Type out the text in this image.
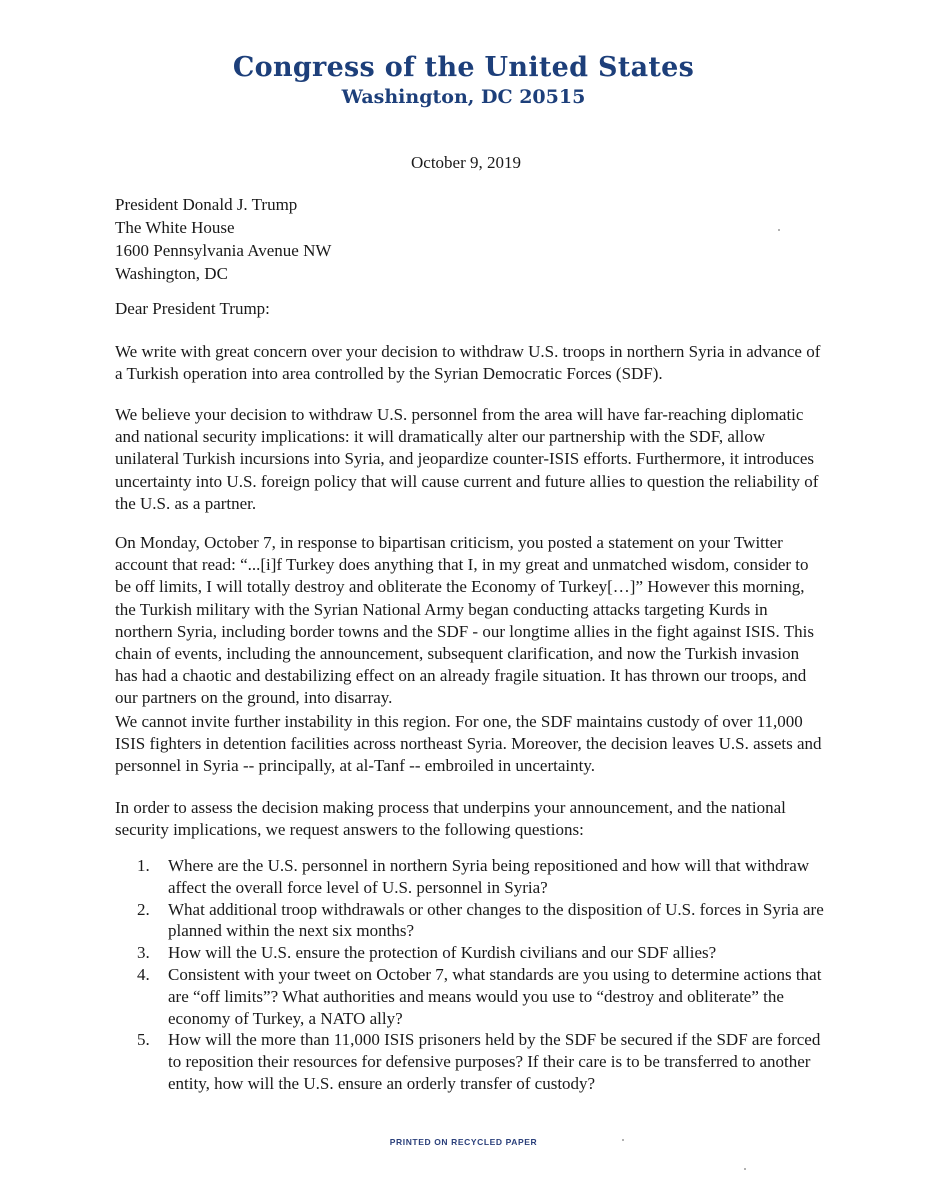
Congress of the United States
Washington, DC 20515
October 9, 2019
President Donald J. Trump
The White House
1600 Pennsylvania Avenue NW
Washington, DC
Dear President Trump:

We write with great concern over your decision to withdraw U.S. troops in northern Syria in advance of a Turkish operation into area controlled by the Syrian Democratic Forces (SDF).

We believe your decision to withdraw U.S. personnel from the area will have far-reaching diplomatic and national security implications: it will dramatically alter our partnership with the SDF, allow unilateral Turkish incursions into Syria, and jeopardize counter-ISIS efforts. Furthermore, it introduces uncertainty into U.S. foreign policy that will cause current and future allies to question the reliability of the U.S. as a partner.

On Monday, October 7, in response to bipartisan criticism, you posted a statement on your Twitter account that read: “...[i]f Turkey does anything that I, in my great and unmatched wisdom, consider to be off limits, I will totally destroy and obliterate the Economy of Turkey[…]” However this morning, the Turkish military with the Syrian National Army began conducting attacks targeting Kurds in northern Syria, including border towns and the SDF - our longtime allies in the fight against ISIS. This chain of events, including the announcement, subsequent clarification, and now the Turkish invasion has had a chaotic and destabilizing effect on an already fragile situation. It has thrown our troops, and our partners on the ground, into disarray.

We cannot invite further instability in this region. For one, the SDF maintains custody of over 11,000 ISIS fighters in detention facilities across northeast Syria. Moreover, the decision leaves U.S. assets and personnel in Syria -- principally, at al-Tanf -- embroiled in uncertainty.

In order to assess the decision making process that underpins your announcement, and the national security implications, we request answers to the following questions:

1. Where are the U.S. personnel in northern Syria being repositioned and how will that withdraw affect the overall force level of U.S. personnel in Syria?
2. What additional troop withdrawals or other changes to the disposition of U.S. forces in Syria are planned within the next six months?
3. How will the U.S. ensure the protection of Kurdish civilians and our SDF allies?
4. Consistent with your tweet on October 7, what standards are you using to determine actions that are “off limits”? What authorities and means would you use to “destroy and obliterate” the economy of Turkey, a NATO ally?
5. How will the more than 11,000 ISIS prisoners held by the SDF be secured if the SDF are forced to reposition their resources for defensive purposes? If their care is to be transferred to another entity, how will the U.S. ensure an orderly transfer of custody?
PRINTED ON RECYCLED PAPER
